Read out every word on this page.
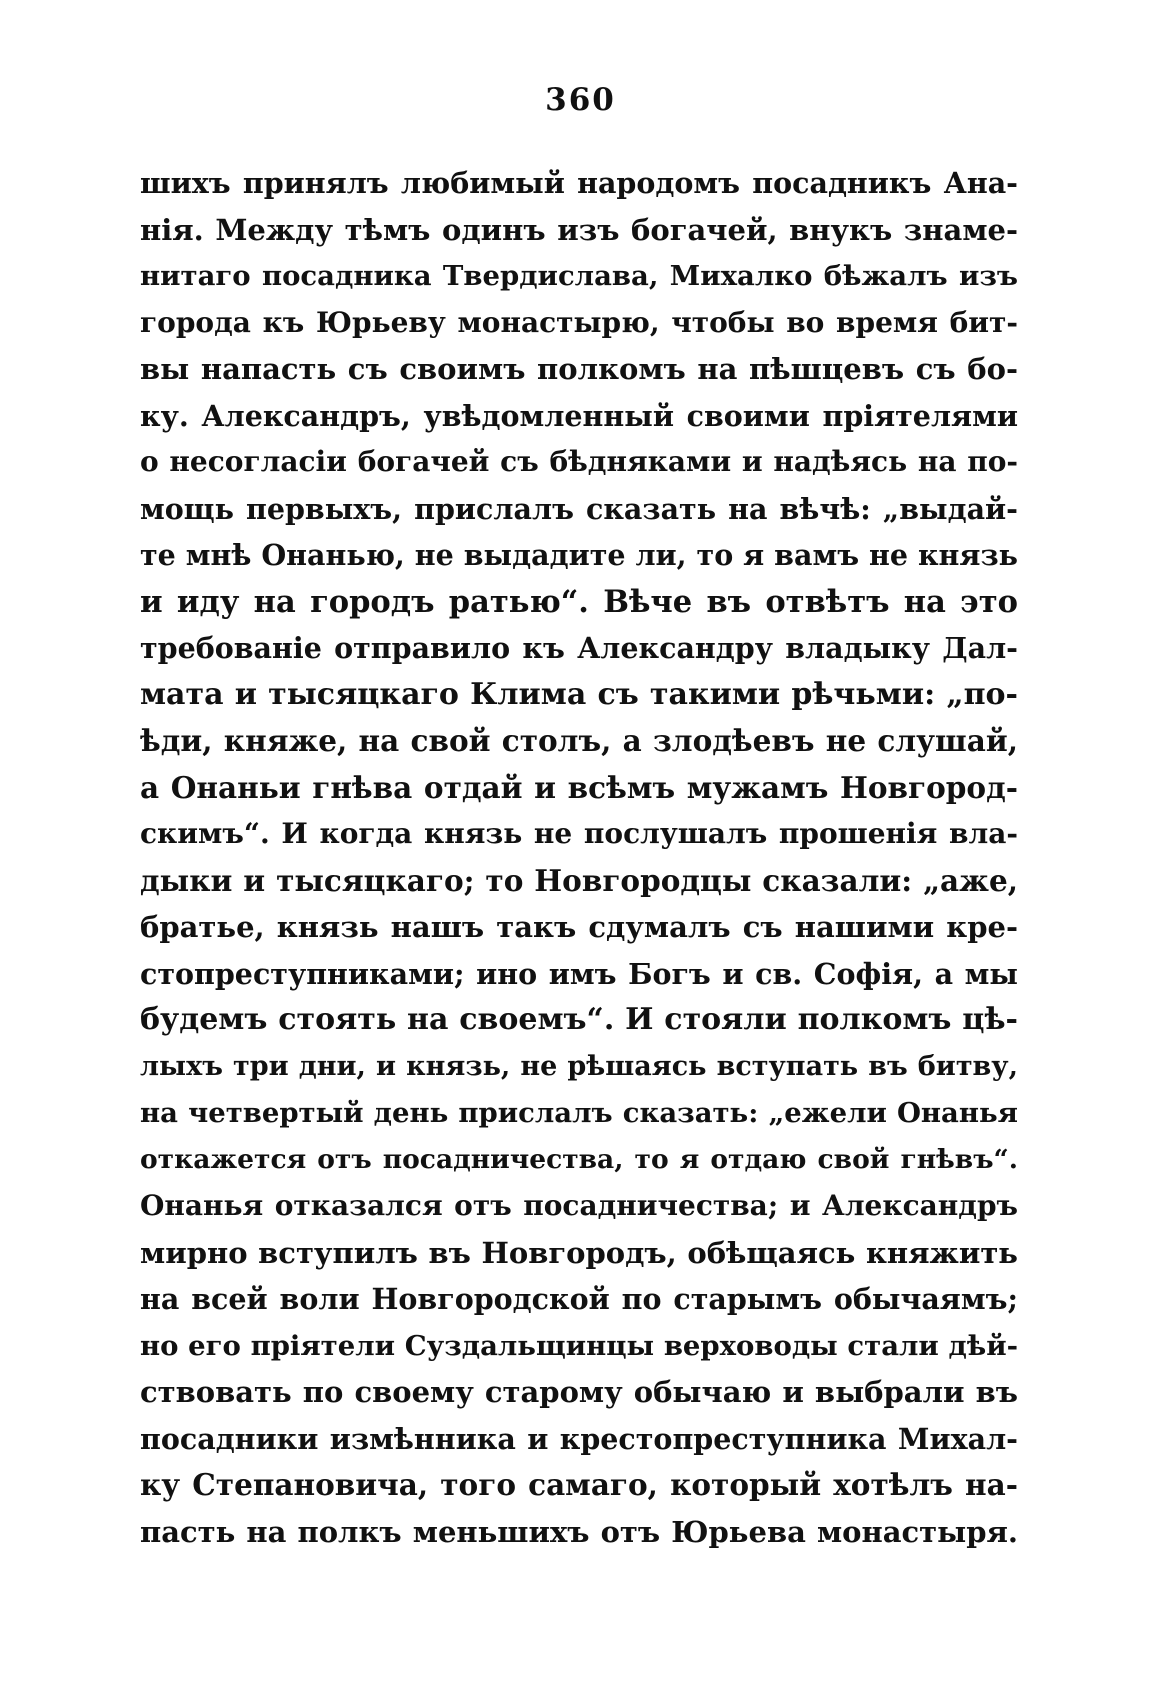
360
шихъ принялъ любимый народомъ посадникъ Ана-
нія. Между тѣмъ одинъ изъ богачей, внукъ знаме-
нитаго посадника Твердислава, Михалко бѣжалъ изъ
города къ Юрьеву монастырю, чтобы во время бит-
вы напасть съ своимъ полкомъ на пѣшцевъ съ бо-
ку. Александръ, увѣдомленный своими пріятелями
о несогласіи богачей съ бѣдняками и надѣясь на по-
мощь первыхъ, прислалъ сказать на вѣчѣ: „выдай-
те мнѣ Онанью, не выдадите ли, то я вамъ не князь
и иду на городъ ратью“. Вѣче въ отвѣтъ на это
требованіе отправило къ Александру владыку Дал-
мата и тысяцкаго Клима съ такими рѣчьми: „по-
ѣди, княже, на свой столъ, а злодѣевъ не слушай,
а Онаньи гнѣва отдай и всѣмъ мужамъ Новгород-
скимъ“. И когда князь не послушалъ прошенія вла-
дыки и тысяцкаго; то Новгородцы сказали: „аже,
братье, князь нашъ такъ сдумалъ съ нашими кре-
стопреступниками; ино имъ Богъ и св. Софія, а мы
будемъ стоять на своемъ“. И стояли полкомъ цѣ-
лыхъ три дни, и князь, не рѣшаясь вступать въ битву,
на четвертый день прислалъ сказать: „ежели Онанья
откажется отъ посадничества, то я отдаю свой гнѣвъ“.
Онанья отказался отъ посадничества; и Александръ
мирно вступилъ въ Новгородъ, обѣщаясь княжить
на всей воли Новгородской по старымъ обычаямъ;
но его пріятели Суздальщинцы верховоды стали дѣй-
ствовать по своему старому обычаю и выбрали въ
посадники измѣнника и крестопреступника Михал-
ку Степановича, того самаго, который хотѣлъ на-
пасть на полкъ меньшихъ отъ Юрьева монастыря.
